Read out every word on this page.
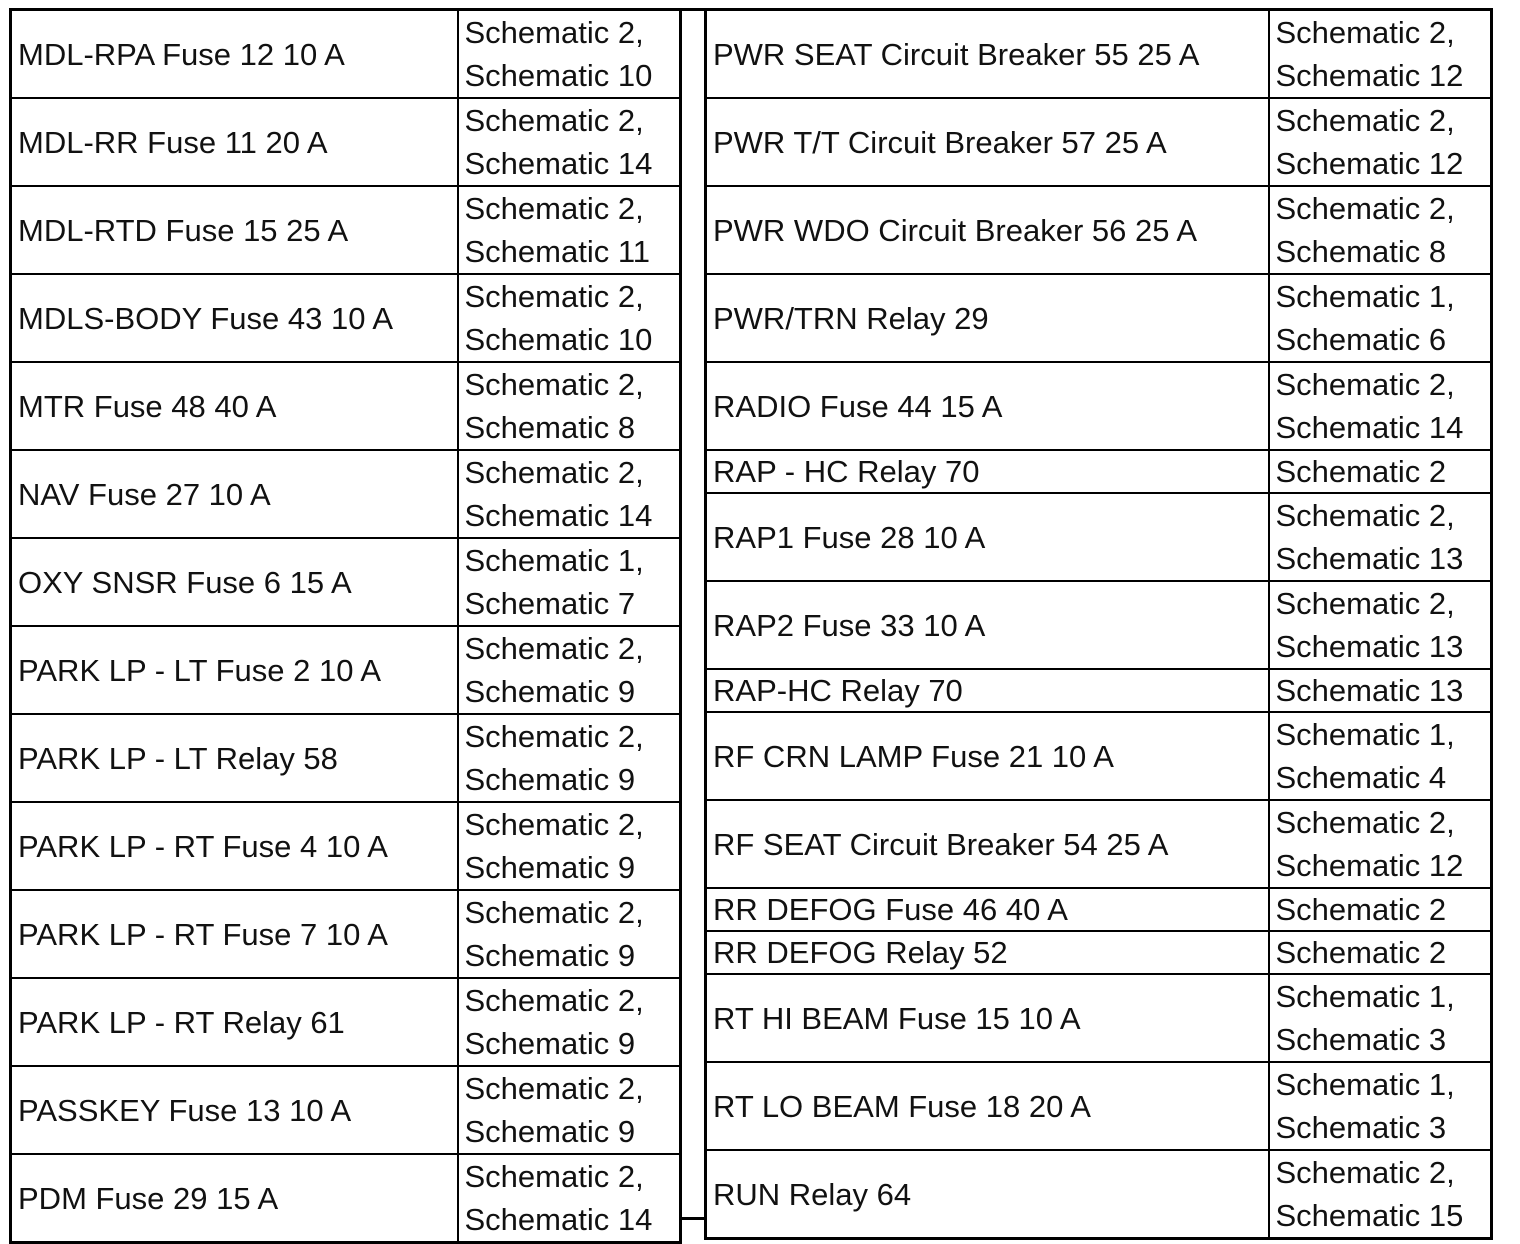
MDL-RPA Fuse 12 10 A	Schematic 2,
Schematic 10

MDL-RR Fuse 11 20 A	Schematic 2,
Schematic 14

MDL-RTD Fuse 15 25 A	Schematic 2,
Schematic 11

MDLS-BODY Fuse 43 10 A	Schematic 2,
Schematic 10

MTR Fuse 48 40 A	Schematic 2,
Schematic 8

NAV Fuse 27 10 A	Schematic 2,
Schematic 14

OXY SNSR Fuse 6 15 A	Schematic 1,
Schematic 7

PARK LP - LT Fuse 2 10 A	Schematic 2,
Schematic 9

PARK LP - LT Relay 58	Schematic 2,
Schematic 9

PARK LP - RT Fuse 4 10 A	Schematic 2,
Schematic 9

PARK LP - RT Fuse 7 10 A	Schematic 2,
Schematic 9

PARK LP - RT Relay 61	Schematic 2,
Schematic 9

PASSKEY Fuse 13 10 A	Schematic 2,
Schematic 9

PDM Fuse 29 15 A	Schematic 2,
Schematic 14
PWR SEAT Circuit Breaker 55 25 A	Schematic 2,
Schematic 12

PWR T/T Circuit Breaker 57 25 A	Schematic 2,
Schematic 12

PWR WDO Circuit Breaker 56 25 A	Schematic 2,
Schematic 8

PWR/TRN Relay 29	Schematic 1,
Schematic 6

RADIO Fuse 44 15 A	Schematic 2,
Schematic 14

RAP - HC Relay 70	Schematic 2

RAP1 Fuse 28 10 A	Schematic 2,
Schematic 13

RAP2 Fuse 33 10 A	Schematic 2,
Schematic 13

RAP-HC Relay 70	Schematic 13

RF CRN LAMP Fuse 21 10 A	Schematic 1,
Schematic 4

RF SEAT Circuit Breaker 54 25 A	Schematic 2,
Schematic 12

RR DEFOG Fuse 46 40 A	Schematic 2

RR DEFOG Relay 52	Schematic 2

RT HI BEAM Fuse 15 10 A	Schematic 1,
Schematic 3

RT LO BEAM Fuse 18 20 A	Schematic 1,
Schematic 3

RUN Relay 64	Schematic 2,
Schematic 15
